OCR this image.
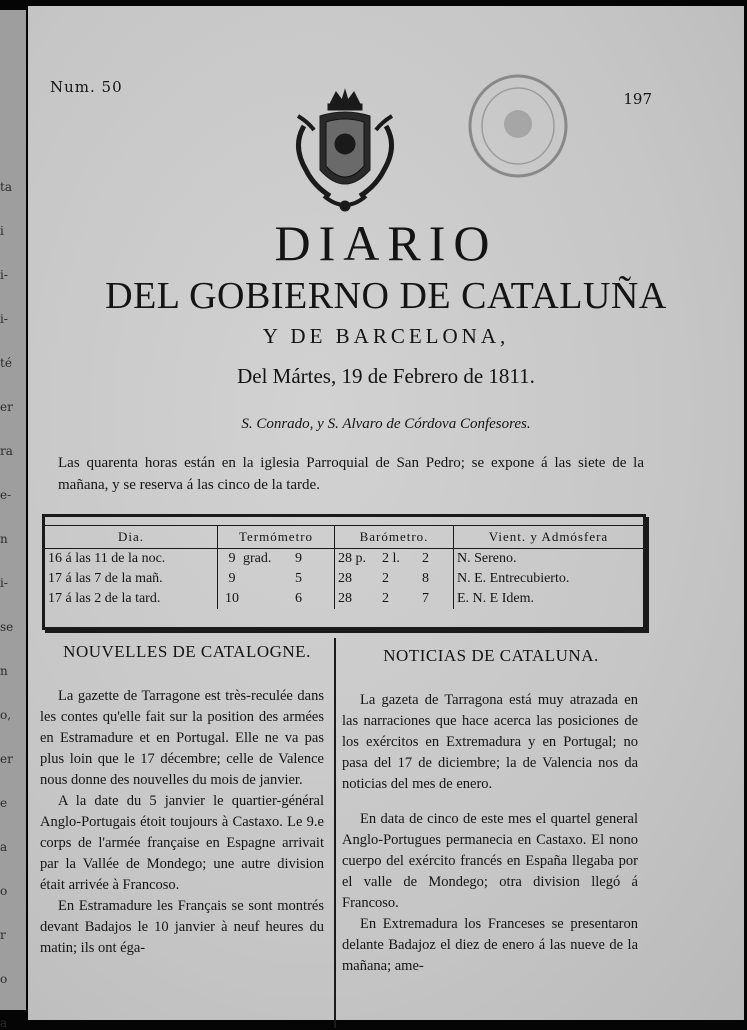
ta
i
i-
i-
té
er
ra
e-
n
i-
se
n
o,
er
e
a
o
r
o
a
Num. 50
197
DIARIO
DEL GOBIERNO DE CATALUÑA
Y DE BARCELONA,
Del Mártes, 19 de Febrero de 1811.
S. Conrado, y S. Alvaro de Córdova Confesores.
Las quarenta horas están en la iglesia Parroquial de San Pedro; se expone á las siete de la mañana, y se reserva á las cinco de la tarde.
Dia.	Termómetro	Barómetro.	Vient. y Admósfera
16 á las 11 de la noc.	9 grad. 9	28 p. 2 l. 2	N. Sereno.
17 á las 7 de la mañ.	9 5	28 2 8	N. E. Entrecubierto.
17 á las 2 de la tard.	10 6	28 2 7	E. N. E Idem.
NOUVELLES DE CATALOGNE.	NOTICIAS DE CATALUNA.

La gazette de Tarragone est très-reculée dans les contes qu'elle fait sur la position des armées en Estramadure et en Portugal. Elle ne va pas plus loin que le 17 décembre; celle de Valence nous donne des nouvelles du mois de janvier.

A la date du 5 janvier le quartier-général Anglo-Portugais étoit toujours à Castaxo. Le 9.e corps de l'armée française en Espagne arrivait par la Vallée de Mondego; une autre division était arrivée à Francoso.

En Estramadure les Français se sont montrés devant Badajos le 10 janvier à neuf heures du matin; ils ont éga-

La gazeta de Tarragona está muy atrazada en las narraciones que hace acerca las posiciones de los exércitos en Extremadura y en Portugal; no pasa del 17 de diciembre; la de Valencia nos da noticias del mes de enero.

En data de cinco de este mes el quartel general Anglo-Portugues permanecia en Castaxo. El nono cuerpo del exército francés en España llegaba por el valle de Mondego; otra division llegó á Francoso.

En Extremadura los Franceses se presentaron delante Badajoz el diez de enero á las nueve de la mañana; ame-
